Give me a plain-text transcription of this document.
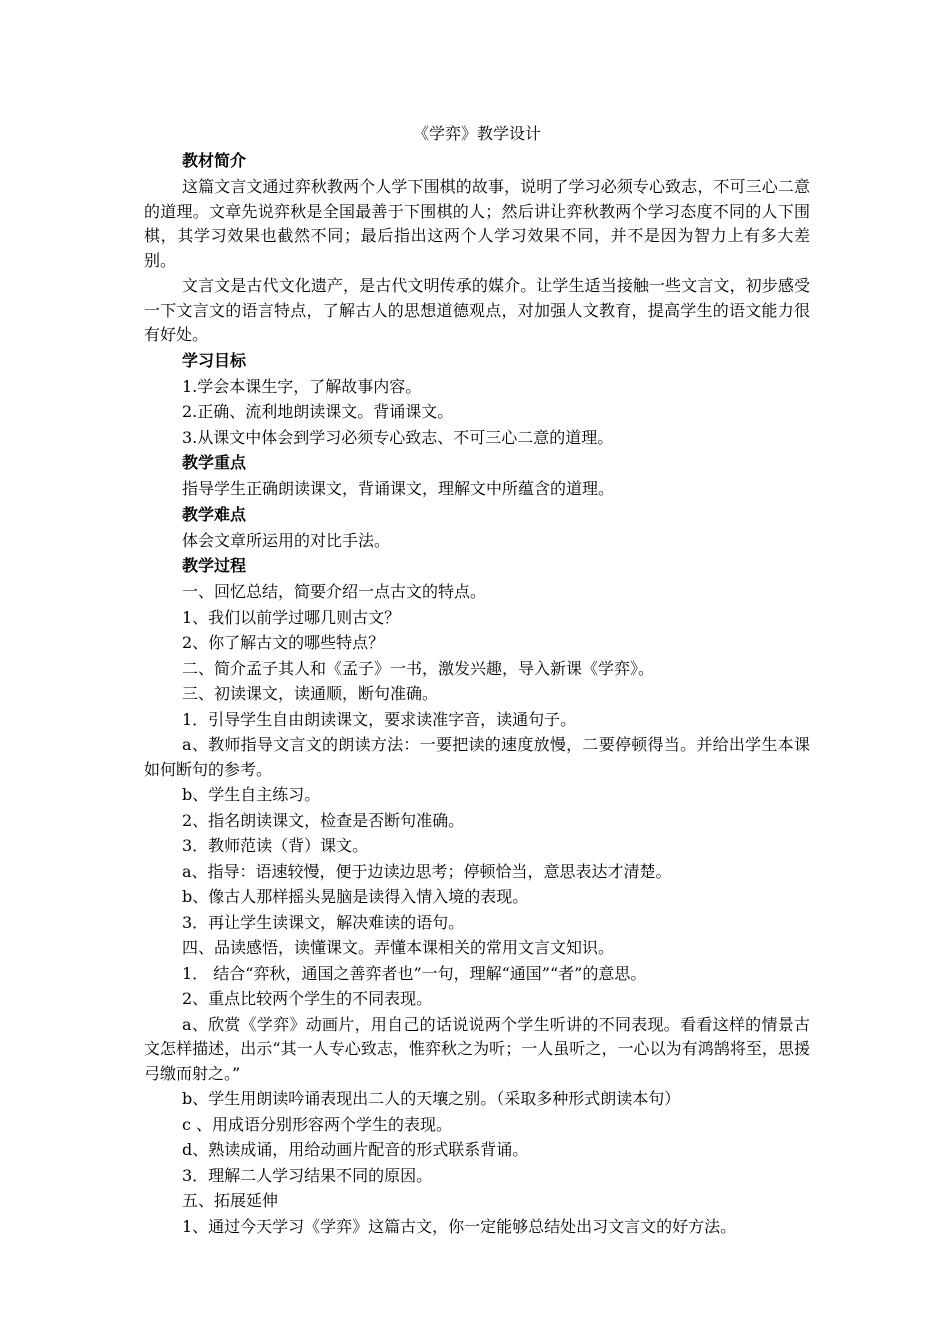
《学弈》教学设计
教材简介
这篇文言文通过弈秋教两个人学下围棋的故事，说明了学习必须专心致志，不可三心二意的道理。文章先说弈秋是全国最善于下围棋的人；然后讲让弈秋教两个学习态度不同的人下围棋，其学习效果也截然不同；最后指出这两个人学习效果不同，并不是因为智力上有多大差别。
文言文是古代文化遗产，是古代文明传承的媒介。让学生适当接触一些文言文，初步感受一下文言文的语言特点，了解古人的思想道德观点，对加强人文教育，提高学生的语文能力很有好处。
学习目标
1.学会本课生字，了解故事内容。
2.正确、流利地朗读课文。背诵课文。
3.从课文中体会到学习必须专心致志、不可三心二意的道理。
教学重点
指导学生正确朗读课文，背诵课文，理解文中所蕴含的道理。
教学难点
体会文章所运用的对比手法。
教学过程
一、回忆总结，简要介绍一点古文的特点。
1、我们以前学过哪几则古文？
2、你了解古文的哪些特点？
二、简介孟子其人和《孟子》一书，激发兴趣，导入新课《学弈》。
三、初读课文，读通顺，断句准确。
1．引导学生自由朗读课文，要求读准字音，读通句子。
a、教师指导文言文的朗读方法：一要把读的速度放慢，二要停顿得当。并给出学生本课如何断句的参考。
b、学生自主练习。
2、指名朗读课文，检查是否断句准确。
3．教师范读（背）课文。
a、指导：语速较慢，便于边读边思考；停顿恰当，意思表达才清楚。
b、像古人那样摇头晃脑是读得入情入境的表现。
3．再让学生读课文，解决难读的语句。
四、品读感悟，读懂课文。弄懂本课相关的常用文言文知识。
1． 结合“弈秋，通国之善弈者也”一句，理解“通国”“者”的意思。
2、重点比较两个学生的不同表现。
a、欣赏《学弈》动画片，用自己的话说说两个学生听讲的不同表现。看看这样的情景古文怎样描述，出示“其一人专心致志，惟弈秋之为听；一人虽听之，一心以为有鸿鹄将至，思援弓缴而射之。”
b、学生用朗读吟诵表现出二人的天壤之别。（采取多种形式朗读本句）
c 、用成语分别形容两个学生的表现。
d、熟读成诵，用给动画片配音的形式联系背诵。
3．理解二人学习结果不同的原因。
五、拓展延伸
1、通过今天学习《学弈》这篇古文，你一定能够总结处出习文言文的好方法。
